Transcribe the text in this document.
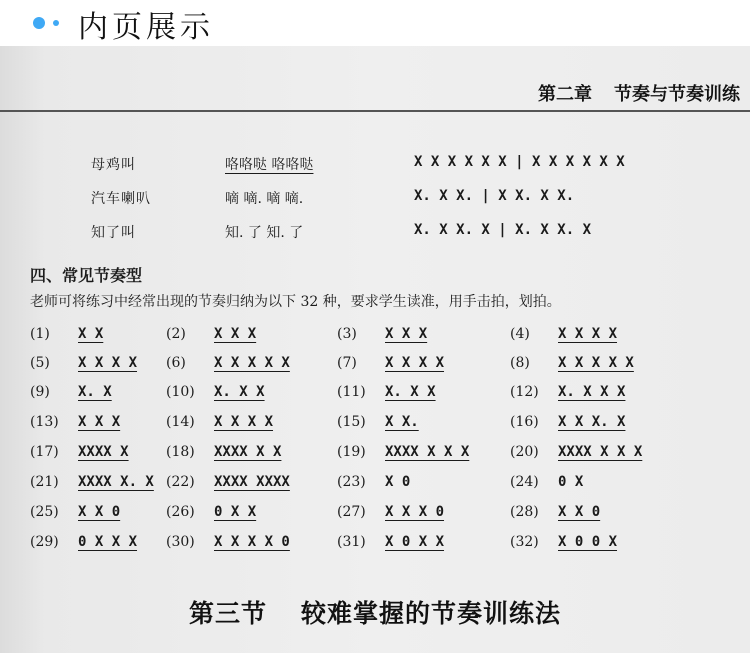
内页展示
第二章 节奏与节奏训练
母鸡叫	咯咯哒 咯咯哒	X X X X X X | X X X X X X
汽车喇叭	嘀 嘀. 嘀 嘀.	X. X X. | X X. X X.
知了叫	知. 了 知. 了	X. X X. X | X. X X. X
四、常见节奏型
老师可将练习中经常出现的节奏归纳为以下 32 种，要求学生读准，用手击拍，划拍。
(1) X X	(2) X X X	(3) X X X	(4) X X X X
(5) X X X X (6) X X X X X	(7) X X X X	(8) X X X X X
(9) X. X	(10) X. X X	(11) X. X X	(12) X. X X X
(13) X X X	(14) X X X X	(15) X X.	(16) X X X. X
(17) XXXX X	(18) XXXX X X	(19) XXXX X X X	(20) XXXX X X X
(21) XXXX X. X (22) XXXX XXXX	(23) X 0	(24) 0 X
(25) X X 0	(26) 0 X X	(27) X X X 0	(28) X X 0
(29) 0 X X X (30) X X X X 0	(31) X 0 X X	(32) X 0 0 X
第三节 较难掌握的节奏训练法
